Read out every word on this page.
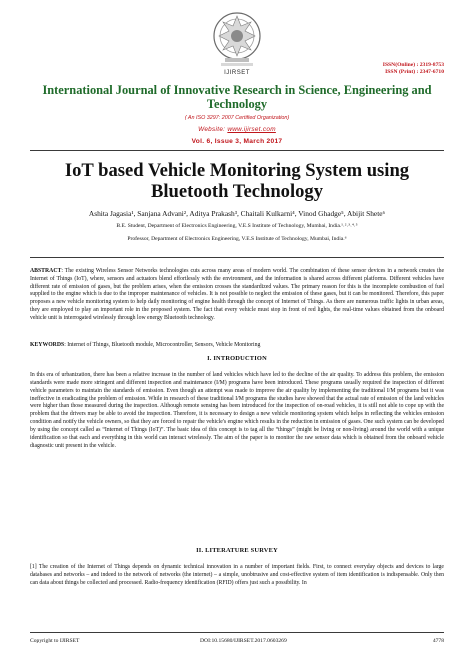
ISSN(Online) : 2319-8753
ISSN (Print) : 2347-6710
IJIRSET
International Journal of Innovative Research in Science, Engineering and Technology
( An ISO 3297: 2007 Certified Organization)
Website: www.ijirset.com
Vol. 6, Issue 3, March 2017
IoT based Vehicle Monitoring System using Bluetooth Technology
Ashita Jagasia¹, Sanjana Advani², Aditya Prakash³, Chaitali Kulkarni⁴, Vinod Ghadge⁵, Abijit Shete⁶
B.E. Student, Department of Electronics Engineering, V.E.S Institute of Technology, Mumbai, India.¹˒²˒³˒⁴˒⁵
Professor, Department of Electronics Engineering, V.E.S Institute of Technology, Mumbai, India.⁶
ABSTRACT: The existing Wireless Sensor Networks technologies cuts across many areas of modern world. The combination of these sensor devices in a network creates the Internet of Things (IoT), where, sensors and actuators blend effortlessly with the environment, and the information is shared across different platforms. Different vehicles have different rate of emission of gases, but the problem arises, when the emission crosses the standardized values. The primary reason for this is the incomplete combustion of fuel supplied to the engine which is due to the improper maintenance of vehicles. It is not possible to neglect the emission of these gases, but it can be monitored. Therefore, this paper proposes a new vehicle monitoring system to help daily monitoring of engine health through the concept of Internet of Things. As there are numerous traffic lights in urban areas, they are employed to play an important role in the proposed system. The fact that every vehicle must stop in front of red lights, the real-time values obtained from the onboard vehicle unit is interrogated wirelessly through low energy Bluetooth technology.
KEYWORDS: Internet of Things, Bluetooth module, Microcontroller, Sensors, Vehicle Monitoring
I. INTRODUCTION
In this era of urbanization, there has been a relative increase in the number of land vehicles which have led to the decline of the air quality. To address this problem, the emission standards were made more stringent and different inspection and maintenance (I/M) programs have been introduced. These programs usually required the inspection of different vehicle parameters to maintain the standards of emission. Even though an attempt was made to improve the air quality by implementing the traditional I/M programs but it was ineffective in eradicating the problem of emission. While in research of these traditional I/M programs the studies have showed that the actual rate of emission of the land vehicles were higher than those measured during the inspection. Although remote sensing has been introduced for the inspection of on-road vehicles, it is still not able to cope up with the problem that the drivers may be able to avoid the inspection. Therefore, it is necessary to design a new vehicle monitoring system which helps in reflecting the vehicles emission condition and notify the vehicle owners, so that they are forced to repair the vehicle's engine which results in the reduction in emission of gases. One such system can be developed by using the concept called as “Internet of Things (IoT)”. The basic idea of this concept is to tag all the “things” (might be living or non-living) around the world with a unique identification so that each and everything in this world can interact wirelessly. The aim of the paper is to monitor the raw sensor data which is obtained from the onboard vehicle diagnostic unit present in the vehicle.
II. LITERATURE SURVEY
[1] The creation of the Internet of Things depends on dynamic technical innovation in a number of important fields. First, to connect everyday objects and devices to large databases and networks – and indeed to the network of networks (the internet) – a simple, unobtrusive and cost-effective system of item identification is indispensable. Only then can data about things be collected and processed. Radio-frequency identification (RFID) offers just such a possibility. In
Copyright to IJIRSET	DOI:10.15680/IJIRSET.2017.0603269	4778
